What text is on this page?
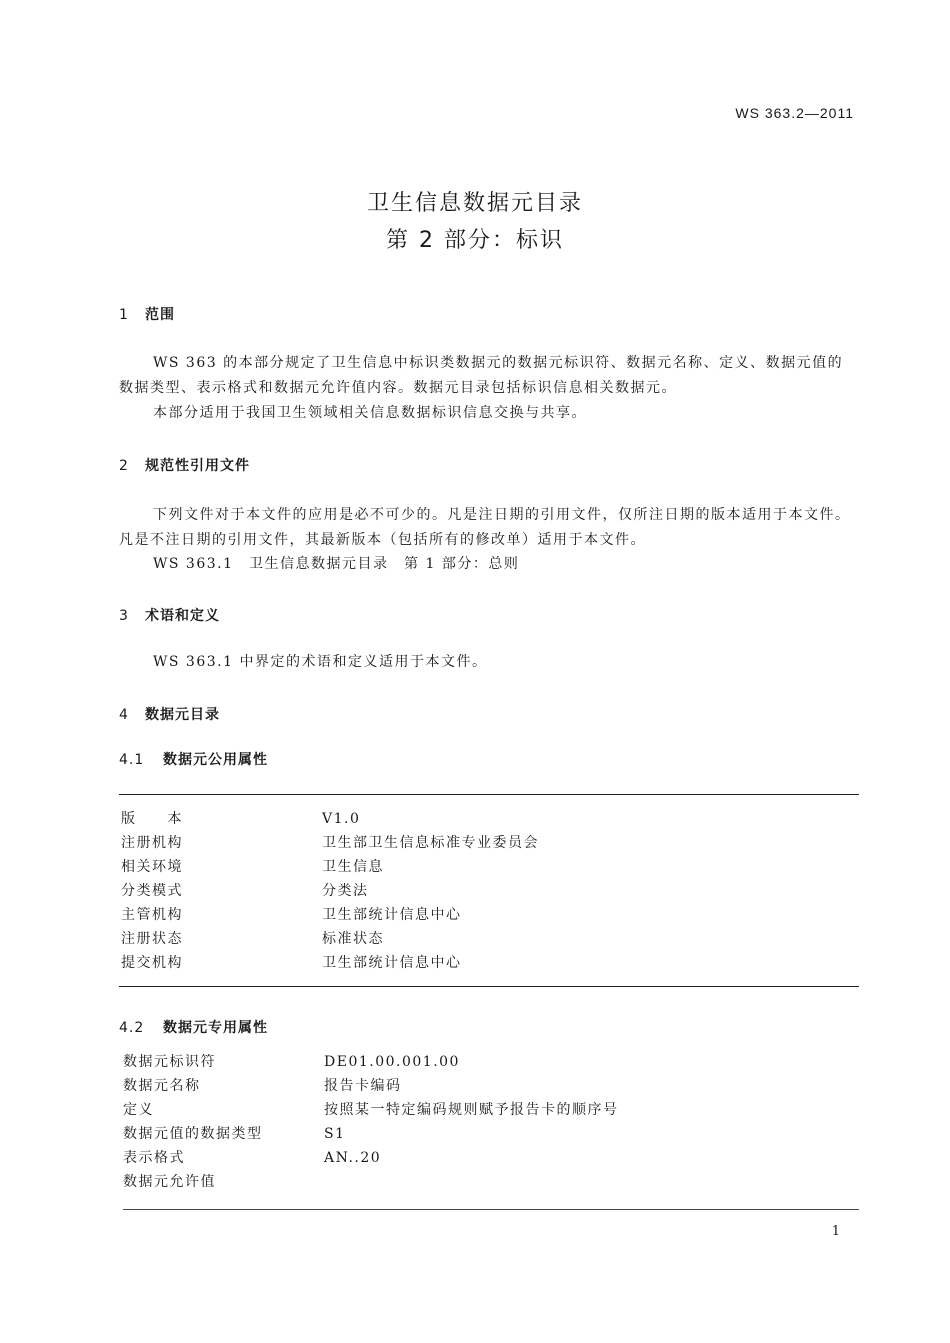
WS 363.2—2011
卫生信息数据元目录
第 2 部分：标识
1 范围
WS 363 的本部分规定了卫生信息中标识类数据元的数据元标识符、数据元名称、定义、数据元值的数据类型、表示格式和数据元允许值内容。数据元目录包括标识信息相关数据元。
本部分适用于我国卫生领域相关信息数据标识信息交换与共享。
2 规范性引用文件
下列文件对于本文件的应用是必不可少的。凡是注日期的引用文件，仅所注日期的版本适用于本文件。凡是不注日期的引用文件，其最新版本（包括所有的修改单）适用于本文件。
WS 363.1　卫生信息数据元目录　第 1 部分：总则
3 术语和定义
WS 363.1 中界定的术语和定义适用于本文件。
4 数据元目录
4.1 数据元公用属性
版　　本	V1.0
注册机构	卫生部卫生信息标准专业委员会
相关环境	卫生信息
分类模式	分类法
主管机构	卫生部统计信息中心
注册状态	标准状态
提交机构	卫生部统计信息中心
4.2 数据元专用属性
数据元标识符	DE01.00.001.00
数据元名称	报告卡编码
定义	按照某一特定编码规则赋予报告卡的顺序号
数据元值的数据类型	S1
表示格式	AN..20
数据元允许值
1
